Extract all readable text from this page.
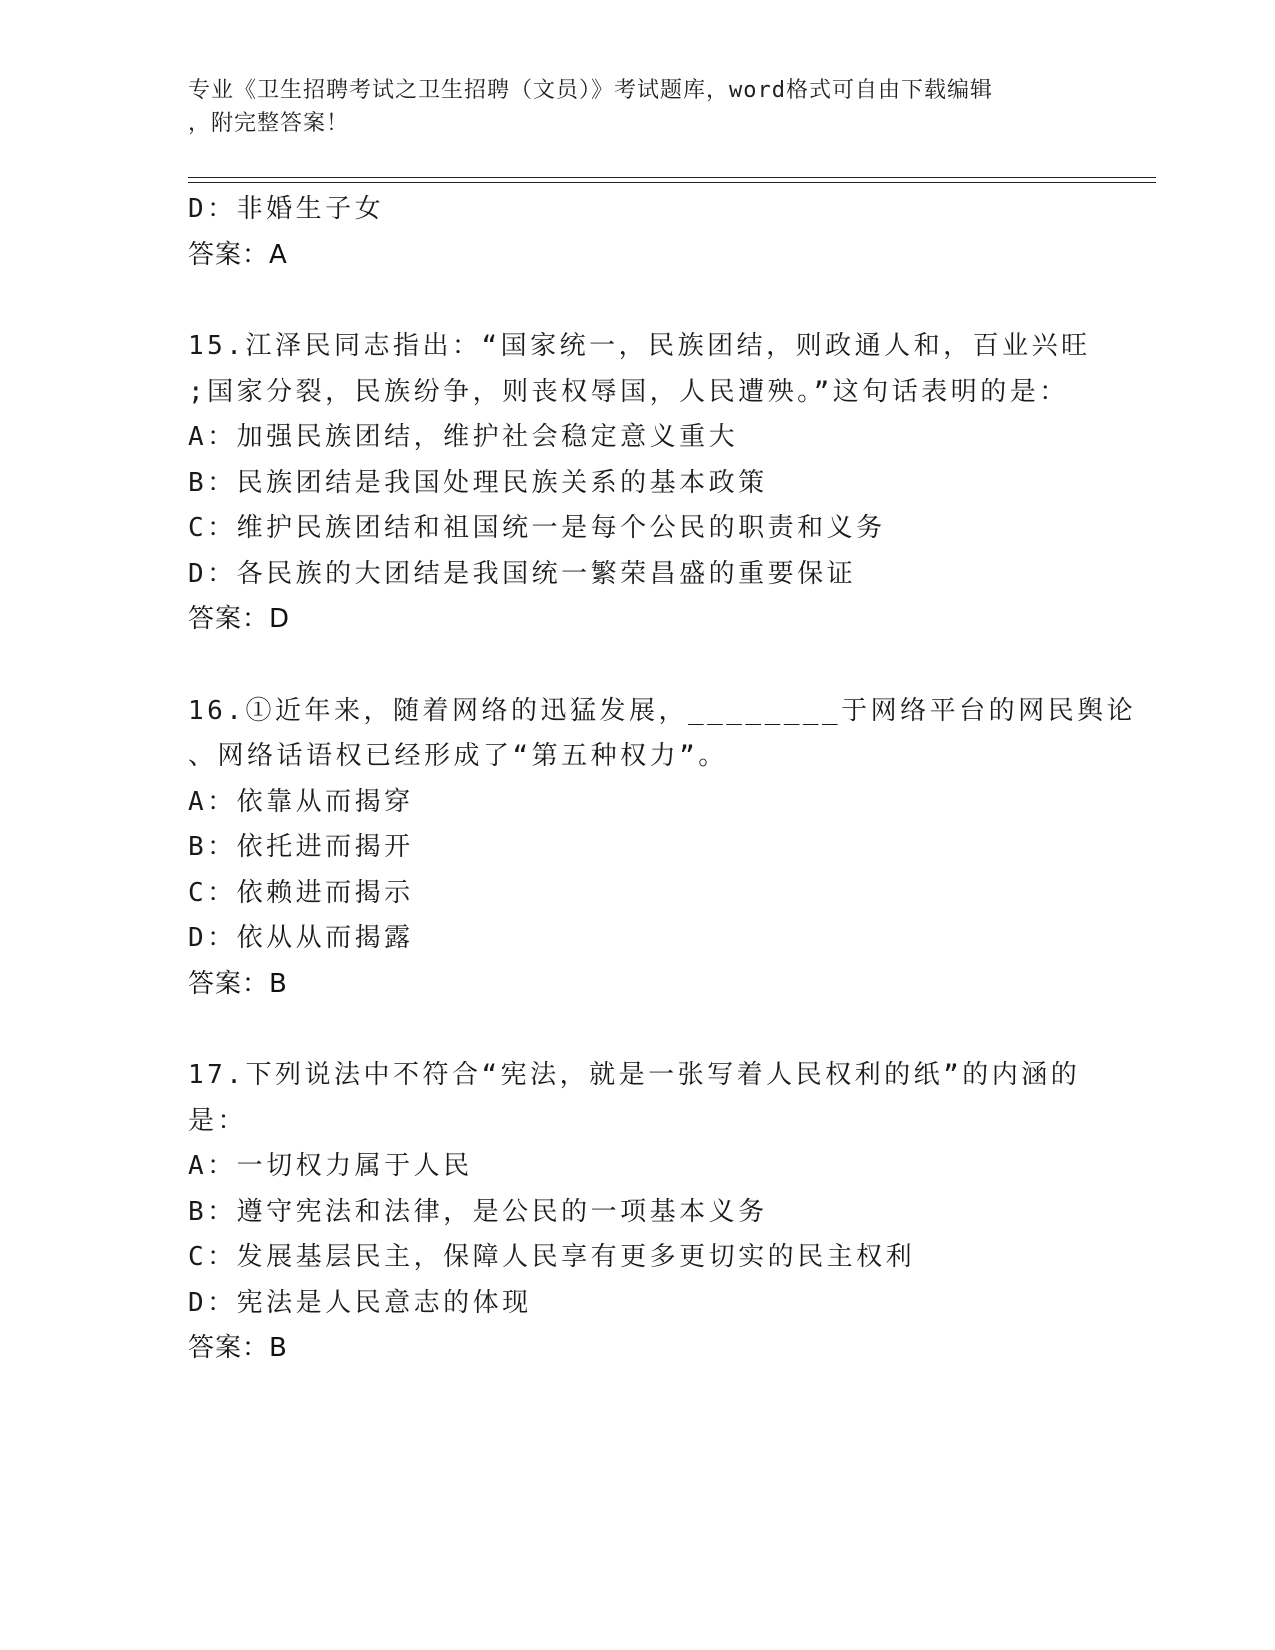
专业《卫生招聘考试之卫生招聘（文员）》考试题库，word格式可自由下载编辑
，附完整答案！
D：非婚生子女
答案：A
15.江泽民同志指出：“国家统一，民族团结，则政通人和，百业兴旺
;国家分裂，民族纷争，则丧权辱国，人民遭殃。”这句话表明的是：
A：加强民族团结，维护社会稳定意义重大
B：民族团结是我国处理民族关系的基本政策
C：维护民族团结和祖国统一是每个公民的职责和义务
D：各民族的大团结是我国统一繁荣昌盛的重要保证
答案：D
16.①近年来，随着网络的迅猛发展，________于网络平台的网民舆论
、网络话语权已经形成了“第五种权力”。
A：依靠从而揭穿
B：依托进而揭开
C：依赖进而揭示
D：依从从而揭露
答案：B
17.下列说法中不符合“宪法，就是一张写着人民权利的纸”的内涵的
是：
A：一切权力属于人民
B：遵守宪法和法律，是公民的一项基本义务
C：发展基层民主，保障人民享有更多更切实的民主权利
D：宪法是人民意志的体现
答案：B
